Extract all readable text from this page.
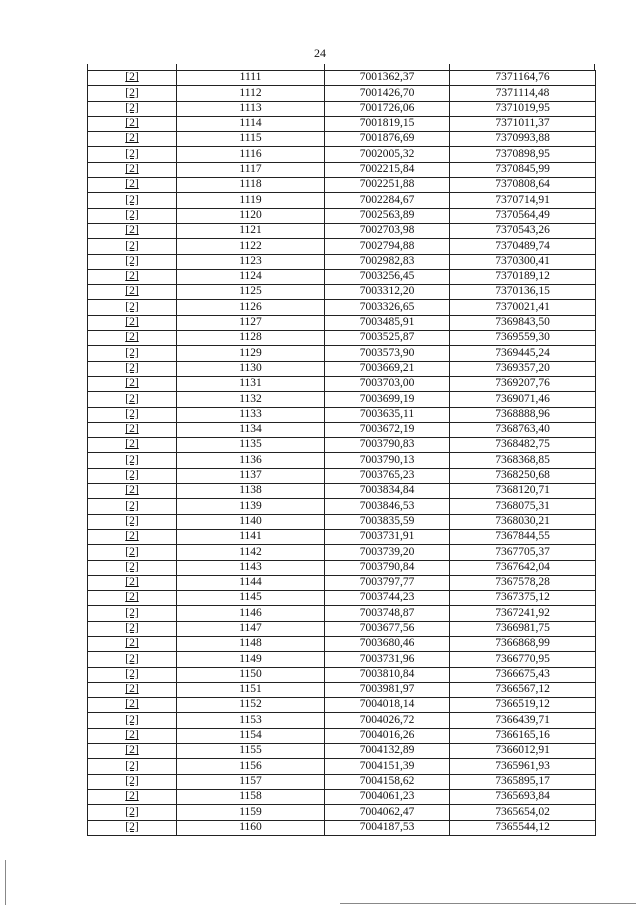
24
[2]	1111	7001362,37	7371164,76
[2]	1112	7001426,70	7371114,48
[2]	1113	7001726,06	7371019,95
[2]	1114	7001819,15	7371011,37
[2]	1115	7001876,69	7370993,88
[2]	1116	7002005,32	7370898,95
[2]	1117	7002215,84	7370845,99
[2]	1118	7002251,88	7370808,64
[2]	1119	7002284,67	7370714,91
[2]	1120	7002563,89	7370564,49
[2]	1121	7002703,98	7370543,26
[2]	1122	7002794,88	7370489,74
[2]	1123	7002982,83	7370300,41
[2]	1124	7003256,45	7370189,12
[2]	1125	7003312,20	7370136,15
[2]	1126	7003326,65	7370021,41
[2]	1127	7003485,91	7369843,50
[2]	1128	7003525,87	7369559,30
[2]	1129	7003573,90	7369445,24
[2]	1130	7003669,21	7369357,20
[2]	1131	7003703,00	7369207,76
[2]	1132	7003699,19	7369071,46
[2]	1133	7003635,11	7368888,96
[2]	1134	7003672,19	7368763,40
[2]	1135	7003790,83	7368482,75
[2]	1136	7003790,13	7368368,85
[2]	1137	7003765,23	7368250,68
[2]	1138	7003834,84	7368120,71
[2]	1139	7003846,53	7368075,31
[2]	1140	7003835,59	7368030,21
[2]	1141	7003731,91	7367844,55
[2]	1142	7003739,20	7367705,37
[2]	1143	7003790,84	7367642,04
[2]	1144	7003797,77	7367578,28
[2]	1145	7003744,23	7367375,12
[2]	1146	7003748,87	7367241,92
[2]	1147	7003677,56	7366981,75
[2]	1148	7003680,46	7366868,99
[2]	1149	7003731,96	7366770,95
[2]	1150	7003810,84	7366675,43
[2]	1151	7003981,97	7366567,12
[2]	1152	7004018,14	7366519,12
[2]	1153	7004026,72	7366439,71
[2]	1154	7004016,26	7366165,16
[2]	1155	7004132,89	7366012,91
[2]	1156	7004151,39	7365961,93
[2]	1157	7004158,62	7365895,17
[2]	1158	7004061,23	7365693,84
[2]	1159	7004062,47	7365654,02
[2]	1160	7004187,53	7365544,12
